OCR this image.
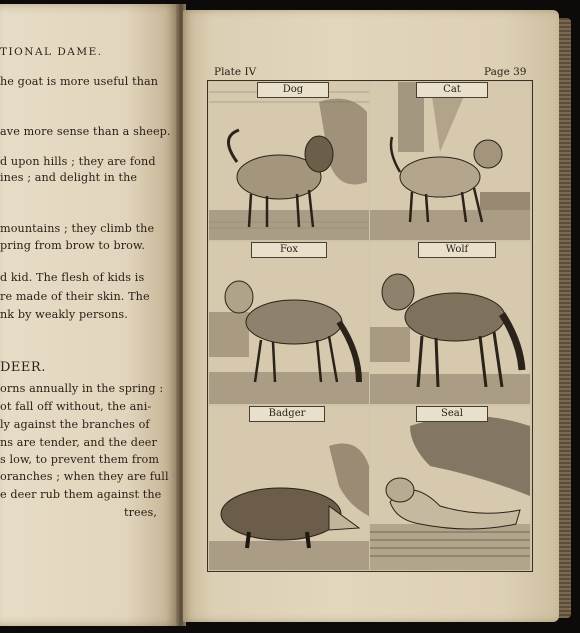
TIONAL DAME.
he goat is more useful than
ave more sense than a sheep.
d upon hills ; they are fond
ines ; and delight in the
mountains ; they climb the
pring from brow to brow.
d kid. The flesh of kids is
re made of their skin. The
nk by weakly persons.
DEER.
orns annually in the spring :
ot fall off without, the ani-
ly against the branches of
ns are tender, and the deer
s low, to prevent them from
oranches ; when they are full
e deer rub them against the
trees,
Plate IV	Page 39
Dog	Cat
Fox	Wolf
Badger	Seal
